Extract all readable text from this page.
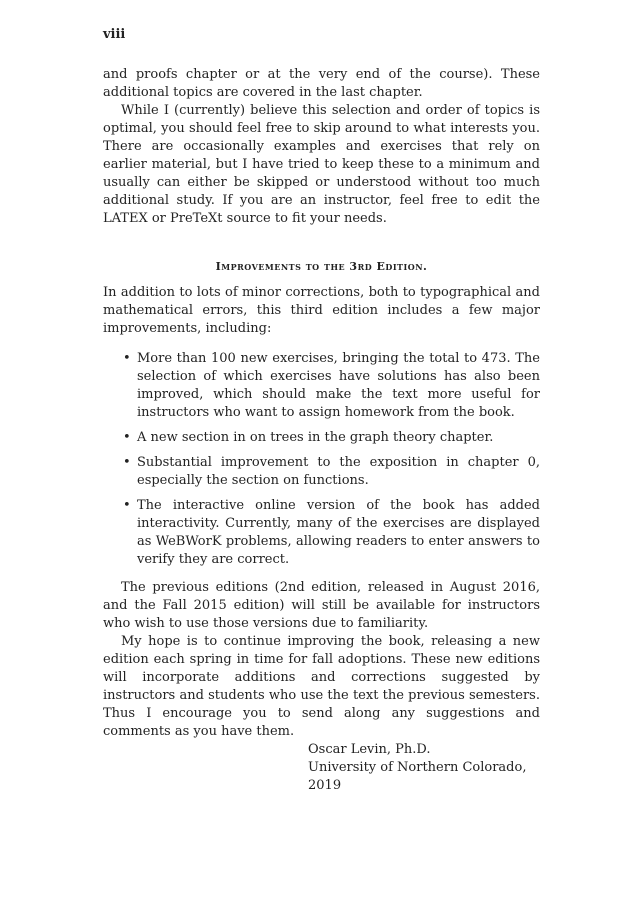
viii

and proofs chapter or at the very end of the course). These additional topics are covered in the last chapter.

While I (currently) believe this selection and order of topics is optimal, you should feel free to skip around to what interests you. There are occasionally examples and exercises that rely on earlier material, but I have tried to keep these to a minimum and usually can either be skipped or understood without too much additional study. If you are an instructor, feel free to edit the LATEX or PreTeXt source to fit your needs.

Improvements to the 3rd Edition.

In addition to lots of minor corrections, both to typographical and mathematical errors, this third edition includes a few major improvements, including:

• More than 100 new exercises, bringing the total to 473. The selection of which exercises have solutions has also been improved, which should make the text more useful for instructors who want to assign homework from the book.
• A new section in on trees in the graph theory chapter.
• Substantial improvement to the exposition in chapter 0, especially the section on functions.
• The interactive online version of the book has added interactivity. Currently, many of the exercises are displayed as WeBWorK problems, allowing readers to enter answers to verify they are correct.

The previous editions (2nd edition, released in August 2016, and the Fall 2015 edition) will still be available for instructors who wish to use those versions due to familiarity.

My hope is to continue improving the book, releasing a new edition each spring in time for fall adoptions. These new editions will incorporate additions and corrections suggested by instructors and students who use the text the previous semesters. Thus I encourage you to send along any suggestions and comments as you have them.

Oscar Levin, Ph.D.
University of Northern Colorado, 2019
